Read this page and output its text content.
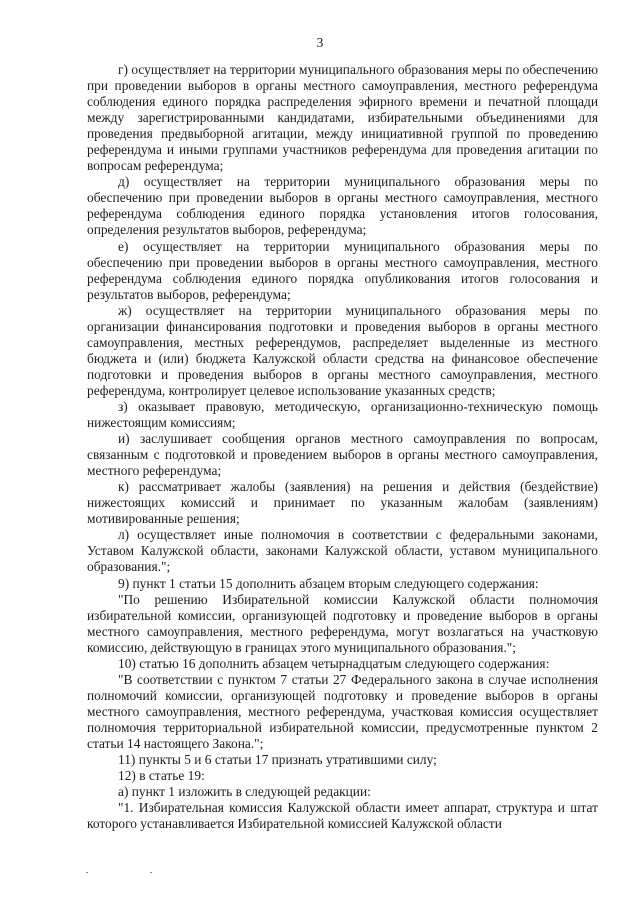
3

г) осуществляет на территории муниципального образования меры по обеспечению при проведении выборов в органы местного самоуправления, местного референдума соблюдения единого порядка распределения эфирного времени и печатной площади между зарегистрированными кандидатами, избирательными объединениями для проведения предвыборной агитации, между инициативной группой по проведению референдума и иными группами участников референдума для проведения агитации по вопросам референдума;

д) осуществляет на территории муниципального образования меры по обеспечению при проведении выборов в органы местного самоуправления, местного референдума соблюдения единого порядка установления итогов голосования, определения результатов выборов, референдума;

е) осуществляет на территории муниципального образования меры по обеспечению при проведении выборов в органы местного самоуправления, местного референдума соблюдения единого порядка опубликования итогов голосования и результатов выборов, референдума;

ж) осуществляет на территории муниципального образования меры по организации финансирования подготовки и проведения выборов в органы местного самоуправления, местных референдумов, распределяет выделенные из местного бюджета и (или) бюджета Калужской области средства на финансовое обеспечение подготовки и проведения выборов в органы местного самоуправления, местного референдума, контролирует целевое использование указанных средств;

з) оказывает правовую, методическую, организационно-техническую помощь нижестоящим комиссиям;

и) заслушивает сообщения органов местного самоуправления по вопросам, связанным с подготовкой и проведением выборов в органы местного самоуправления, местного референдума;

к) рассматривает жалобы (заявления) на решения и действия (бездействие) нижестоящих комиссий и принимает по указанным жалобам (заявлениям) мотивированные решения;

л) осуществляет иные полномочия в соответствии с федеральными законами, Уставом Калужской области, законами Калужской области, уставом муниципального образования.";

9) пункт 1 статьи 15 дополнить абзацем вторым следующего содержания:

"По решению Избирательной комиссии Калужской области полномочия избирательной комиссии, организующей подготовку и проведение выборов в органы местного самоуправления, местного референдума, могут возлагаться на участковую комиссию, действующую в границах этого муниципального образования.";

10) статью 16 дополнить абзацем четырнадцатым следующего содержания:

"В соответствии с пунктом 7 статьи 27 Федерального закона в случае исполнения полномочий комиссии, организующей подготовку и проведение выборов в органы местного самоуправления, местного референдума, участковая комиссия осуществляет полномочия территориальной избирательной комиссии, предусмотренные пунктом 2 статьи 14 настоящего Закона.";

11) пункты 5 и 6 статьи 17 признать утратившими силу;

12) в статье 19:

а) пункт 1 изложить в следующей редакции:

"1. Избирательная комиссия Калужской области имеет аппарат, структура и штат которого устанавливается Избирательной комиссией Калужской области
